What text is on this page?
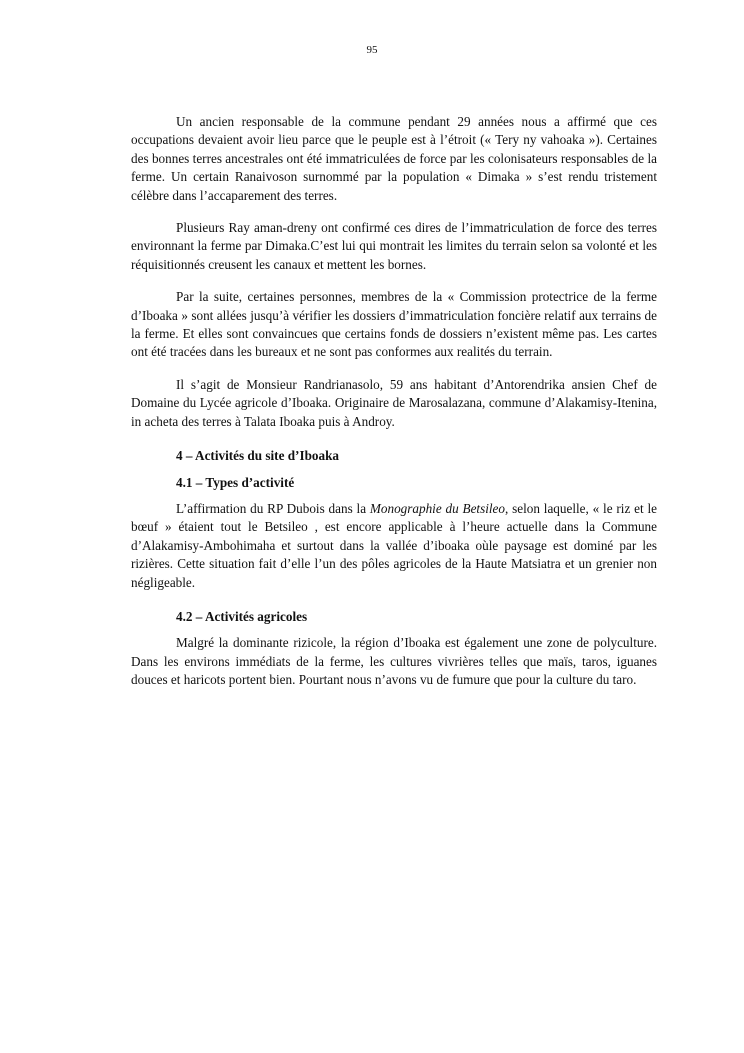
95

Un ancien responsable de la commune pendant 29 années nous a affirmé que ces occupations devaient avoir lieu parce que le peuple est à l’étroit (« Tery ny vahoaka »). Certaines des bonnes terres ancestrales ont été immatriculées de force par les colonisateurs responsables de la ferme. Un certain Ranaivoson surnommé par la population « Dimaka » s’est rendu tristement célèbre dans l’accaparement des terres.

Plusieurs Ray aman-dreny ont confirmé ces dires de l’immatriculation de force des terres environnant la ferme par Dimaka.C’est lui qui montrait les limites du terrain selon sa volonté et les réquisitionnés creusent les canaux et mettent les bornes.

Par la suite, certaines personnes, membres de la « Commission protectrice de la ferme d’Iboaka » sont allées jusqu’à vérifier les dossiers d’immatriculation foncière relatif aux terrains de la ferme. Et elles sont convaincues que certains fonds de dossiers n’existent même pas. Les cartes ont été tracées dans les bureaux et ne sont pas conformes aux realités du terrain.

Il s’agit de Monsieur Randrianasolo, 59 ans habitant d’Antorendrika ansien Chef de Domaine du Lycée agricole d’Iboaka. Originaire de Marosalazana, commune d’Alakamisy-Itenina, in acheta des terres à Talata Iboaka puis à Androy.

4 – Activités du site d’Iboaka

4.1 – Types d’activité

L’affirmation du RP Dubois dans la Monographie du Betsileo, selon laquelle, « le riz et le bœuf » étaient tout le Betsileo , est encore applicable à l’heure actuelle dans la Commune d’Alakamisy-Ambohimaha et surtout dans la vallée d’iboaka oùle paysage est dominé par les rizières. Cette situation fait d’elle l’un des pôles agricoles de la Haute Matsiatra et un grenier non négligeable.

4.2 – Activités agricoles

Malgré la dominante rizicole, la région d’Iboaka est également une zone de polyculture. Dans les environs immédiats de la ferme, les cultures vivrières telles que maïs, taros, iguanes douces et haricots portent bien. Pourtant nous n’avons vu de fumure que pour la culture du taro.
